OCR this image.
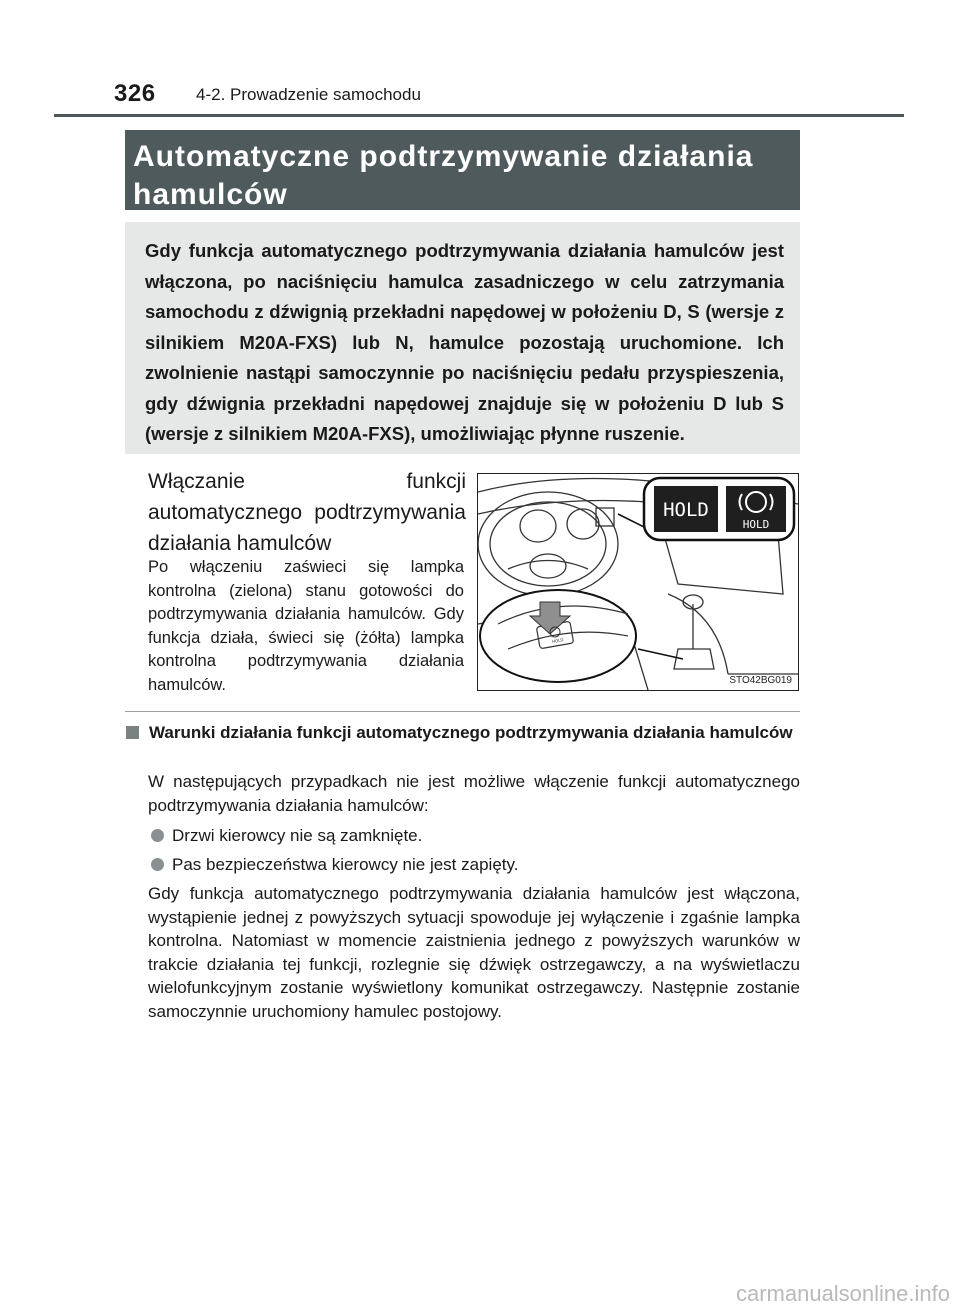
326 4-2. Prowadzenie samochodu
Automatyczne podtrzymywanie działania hamulców
Gdy funkcja automatycznego podtrzymywania działania hamulców jest włączona, po naciśnięciu hamulca zasadniczego w celu zatrzymania samochodu z dźwignią przekładni napędowej w położeniu D, S (wersje z silnikiem M20A-FXS) lub N, hamulce pozostają uruchomione. Ich zwolnienie nastąpi samoczynnie po naciśnięciu pedału przyspieszenia, gdy dźwignia przekładni napędowej znajduje się w położeniu D lub S (wersje z silnikiem M20A-FXS), umożliwiając płynne ruszenie.
Włączanie funkcji automatycznego podtrzymywania działania hamulców
Po włączeniu zaświeci się lampka kontrolna (zielona) stanu gotowości do podtrzymywania działania hamulców. Gdy funkcja działa, świeci się (żółta) lampka kontrolna podtrzymywania działania hamulców.
HOLD
HOLD
HOLD
STO42BG019
Warunki działania funkcji automatycznego podtrzymywania działania hamulców
W następujących przypadkach nie jest możliwe włączenie funkcji automatycznego podtrzymywania działania hamulców:
Drzwi kierowcy nie są zamknięte.
Pas bezpieczeństwa kierowcy nie jest zapięty.
Gdy funkcja automatycznego podtrzymywania działania hamulców jest włączona, wystąpienie jednej z powyższych sytuacji spowoduje jej wyłączenie i zgaśnie lampka kontrolna. Natomiast w momencie zaistnienia jednego z powyższych warunków w trakcie działania tej funkcji, rozlegnie się dźwięk ostrzegawczy, a na wyświetlaczu wielofunkcyjnym zostanie wyświetlony komunikat ostrzegawczy. Następnie zostanie samoczynnie uruchomiony hamulec postojowy.
carmanualsonline.info
